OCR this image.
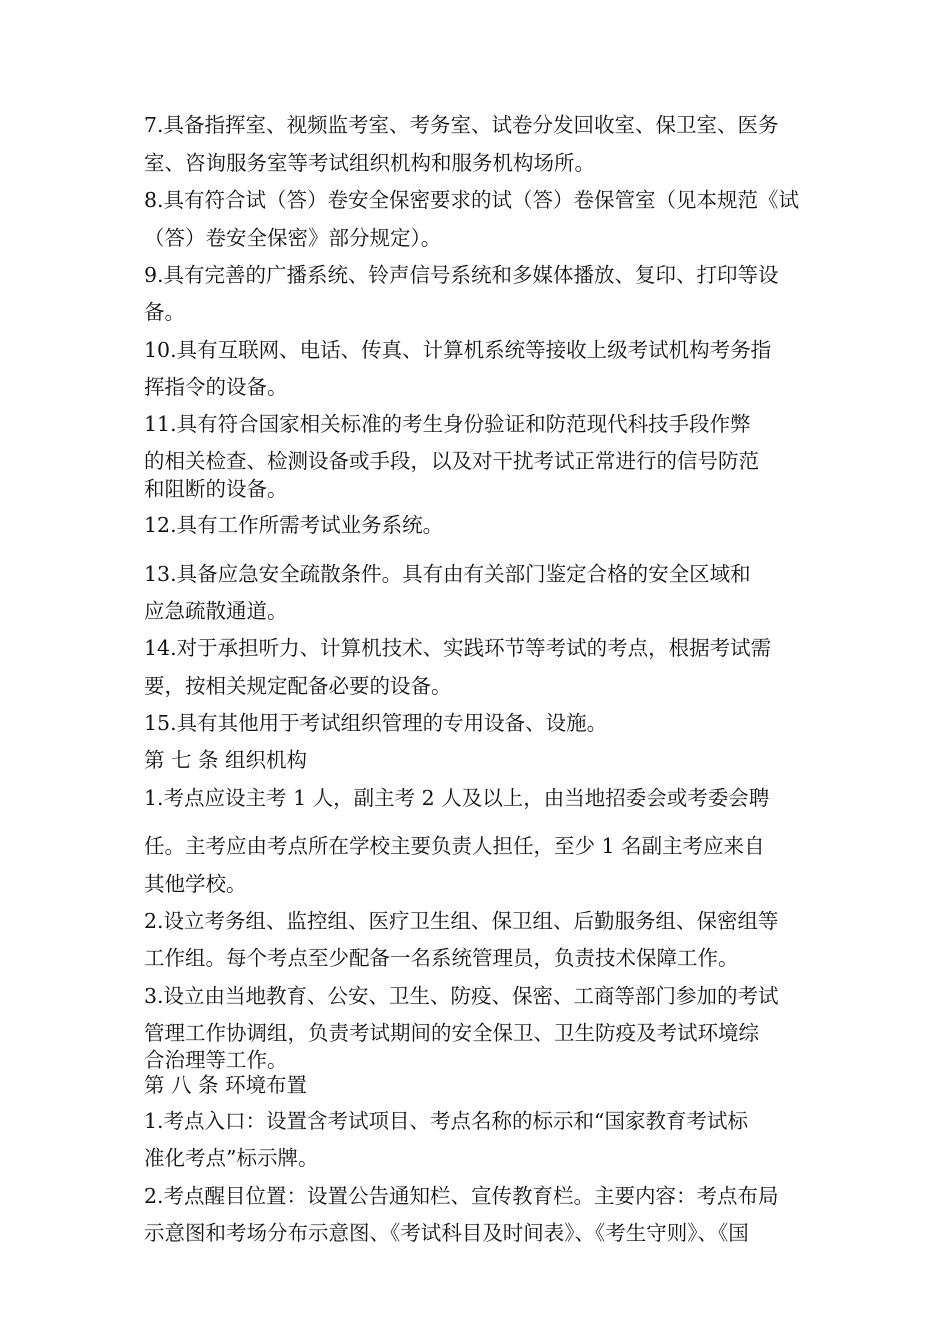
7.具备指挥室、视频监考室、考务室、试卷分发回收室、保卫室、医务
室、咨询服务室等考试组织机构和服务机构场所。
8.具有符合试（答）卷安全保密要求的试（答）卷保管室（见本规范《试
（答）卷安全保密》部分规定）。
9.具有完善的广播系统、铃声信号系统和多媒体播放、复印、打印等设
备。
10.具有互联网、电话、传真、计算机系统等接收上级考试机构考务指
挥指令的设备。
11.具有符合国家相关标准的考生身份验证和防范现代科技手段作弊
的相关检查、检测设备或手段，以及对干扰考试正常进行的信号防范
和阻断的设备。
12.具有工作所需考试业务系统。
13.具备应急安全疏散条件。具有由有关部门鉴定合格的安全区域和
应急疏散通道。
14.对于承担听力、计算机技术、实践环节等考试的考点，根据考试需
要，按相关规定配备必要的设备。
15.具有其他用于考试组织管理的专用设备、设施。
第 七 条 组织机构
1.考点应设主考 1 人，副主考 2 人及以上，由当地招委会或考委会聘
任。主考应由考点所在学校主要负责人担任，至少 1 名副主考应来自
其他学校。
2.设立考务组、监控组、医疗卫生组、保卫组、后勤服务组、保密组等
工作组。每个考点至少配备一名系统管理员，负责技术保障工作。
3.设立由当地教育、公安、卫生、防疫、保密、工商等部门参加的考试
管理工作协调组，负责考试期间的安全保卫、卫生防疫及考试环境综
合治理等工作。
第 八 条 环境布置
1.考点入口：设置含考试项目、考点名称的标示和“国家教育考试标
准化考点”标示牌。
2.考点醒目位置：设置公告通知栏、宣传教育栏。主要内容：考点布局
示意图和考场分布示意图、《考试科目及时间表》、《考生守则》、《国
